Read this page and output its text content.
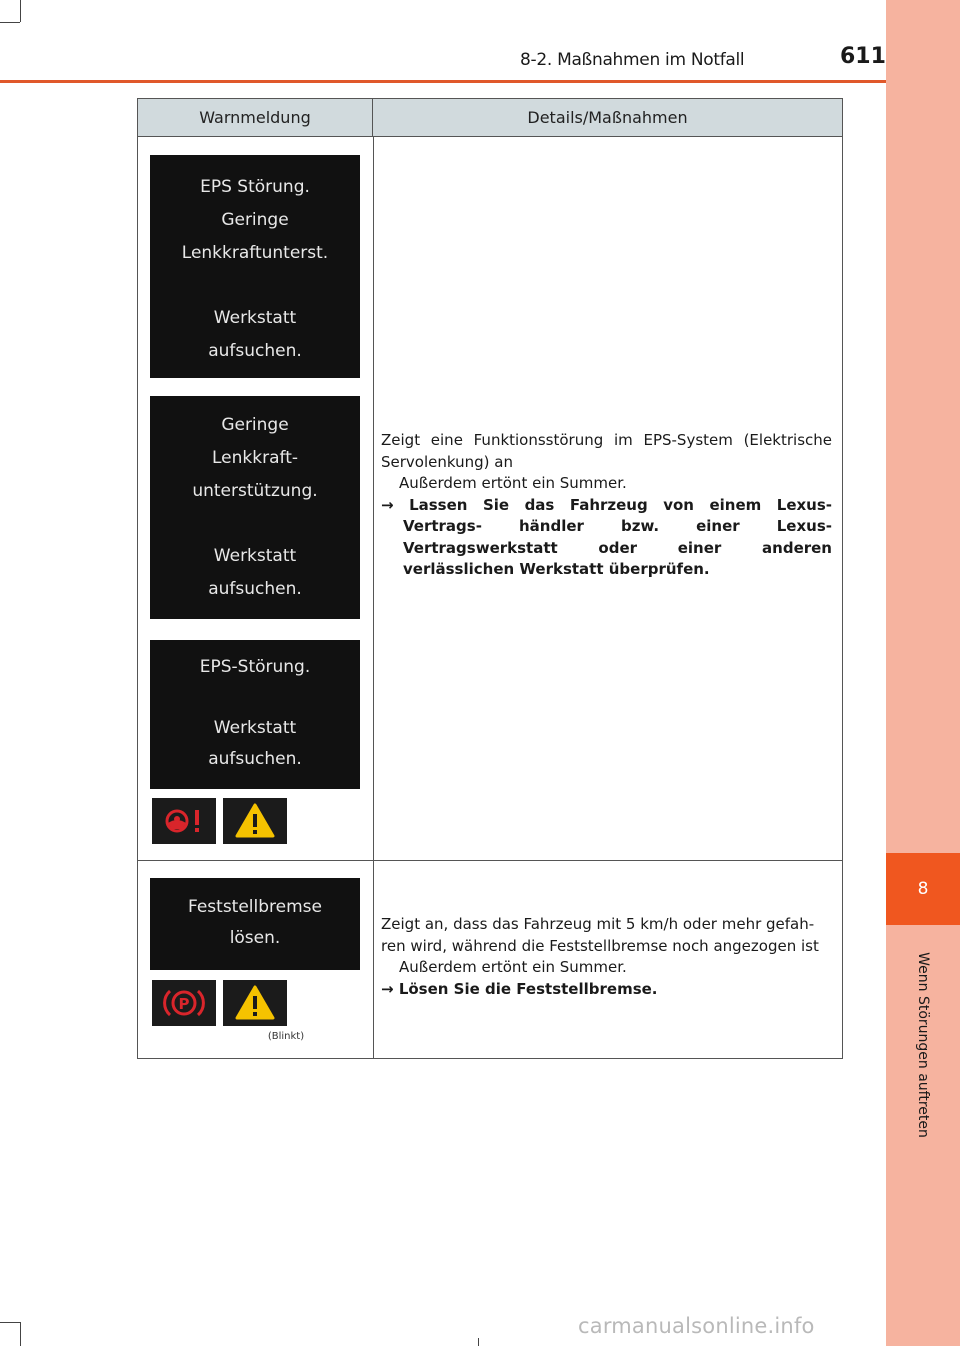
8-2. Maßnahmen im Notfall	611
8
Wenn Störungen auftreten
Warnmeldung	Details/Maßnahmen
EPS Störung.
Geringe
Lenkkraftunterst.
Werkstatt
aufsuchen.
Geringe
Lenkkraft-
unterstützung.
Werkstatt
aufsuchen.
EPS-Störung.
Werkstatt
aufsuchen.

Zeigt eine Funktionsstörung im EPS-System (Elektrische Servolenkung) an

Außerdem ertönt ein Summer.

→ Lassen Sie das Fahrzeug von einem Lexus-Vertrags- händler bzw. einer Lexus-Vertragswerkstatt oder einer anderen verlässlichen Werkstatt überprüfen.

Feststellbremse
lösen.
P
(Blinkt)

Zeigt an, dass das Fahrzeug mit 5 km/h oder mehr gefah- ren wird, während die Feststellbremse noch angezogen ist

Außerdem ertönt ein Summer.

→ Lösen Sie die Feststellbremse.

carmanualsonline.info
